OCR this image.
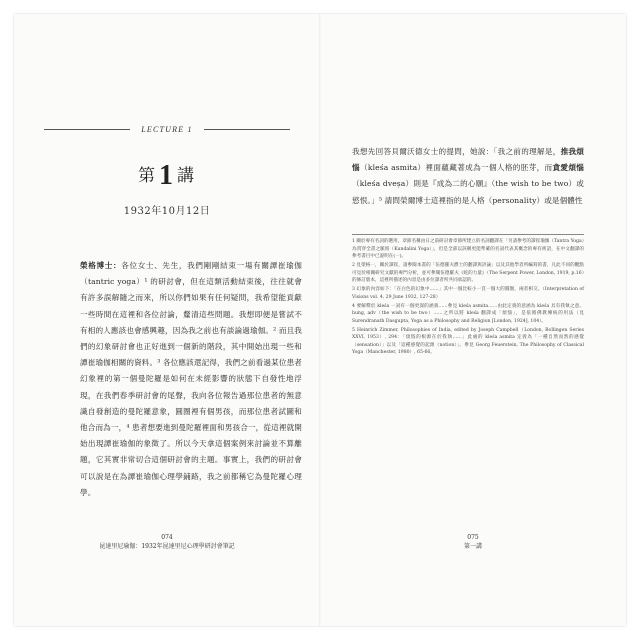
LECTURE 1
第1 講
1932年10月12日
榮格博士：各位女士、先生，我們剛剛結束一場有關譚崔瑜伽（tantric yoga）¹ 的研討會，但在這類活動結束後，往往就會有許多誤解隨之而來，所以你們如果有任何疑問，我希望能貢獻一些時間在這裡和各位討論，釐清這些問題。我想即便是嘗試不有相的人應該也會感興趣，因為我之前也有談論過瑜伽。² 而且我們的幻象研討會也正好進到一個新的階段，其中開始出現一些和譚崔瑜伽相關的資料。³ 各位應該還記得，我們之前看過某位患者幻象裡的第一個曼陀羅是如何在未經影響的狀態下自發性地浮現，在我們春季研討會的尾聲，我向各位報告過那位患者的無意識自發創造的曼陀羅意象，圓圈裡有個男孩，而那位患者試圖和他合而為一，⁴ 患者想要進到曼陀羅裡面和男孩合一，從這裡就開始出現譚崔瑜伽的象徵了。所以今天拿這個案例來討論並不算離題，它其實非常切合這個研討會的主題。事實上，我們的研討會可以說是在為譚崔瑜伽心理學鋪路，我之前都稱它為曼陀羅心理學。
074
昆達里尼瑜伽：1932年昆達里尼心理學研討會筆記
我想先回答貝爾沃德女士的提問，她說：「我之前的理解是，推我煩惱（kleśa asmita）裡面蘊藏著成為一個人格的胚芽，而貪愛煩惱（kleśa dveṣa）則是『成為二的心願』（the wish to be two）或慾恨。」⁵ 請問榮爾博士這裡指的是人格（personality）或是個體性
1 關於專有名詞的選用，章節名稱由日之前研討會章節所建立的名詞翻譯在「另請參考的譚崔瑜伽（Tantra Yoga）為貫穿全書之脈絡（Kundalini Yoga）」，但是全部以該稱更能準確的名詞代表其概念的專有術語，在中文翻譯的參考書目中已說明在(一)。
2 見榮格一，關於譚崔，請參閱本書的「伍德羅夫爵士的翻譯與評論」以及其他學者所編寫的書，凡此不同的觀點可見於相關研究文獻的專門分析，並可參閱伍德羅夫《蛇的力量》（The Serpent Power, London, 1919, p.16）的修訂版本，這裡所描述的內容是由多位譯者所共同承認的。
3 幻象的內容如下：「在白色的幻象中……」其中一個比較小一頁一個大的圓圈，兩者相交。（Interpretation of Visions vol. 4, 29 June 1932, 127-28）
4 要解釋於 kleśa 一詞有一個更深的涵義……參見 kleśa asmita……由此定義的意涵為 kleśa 具有我執之意。hung, adv（the wish to be two）……之所以將 kleśa 翻譯成「煩惱」，是依循佛教傳統的用法（見 Surendranath Dasgupta, Yoga as a Philosophy and Religion [London, 1924], 104）。
5 Heinrich Zimmer, Philosophies of India, edited by Joseph Campbell（London, Bollingen Series XXVI, 1953）, 294：「煩惱的根源在於我執……」此處的 kleśa asmita 定義為「一種自然而然的感覺（sensation）」以及「這種感覺的起源（notion）」。參見 Georg Feuerstein, The Philosophy of Classical Yoga（Manchester, 1980）, 65-66。
075
第一講
